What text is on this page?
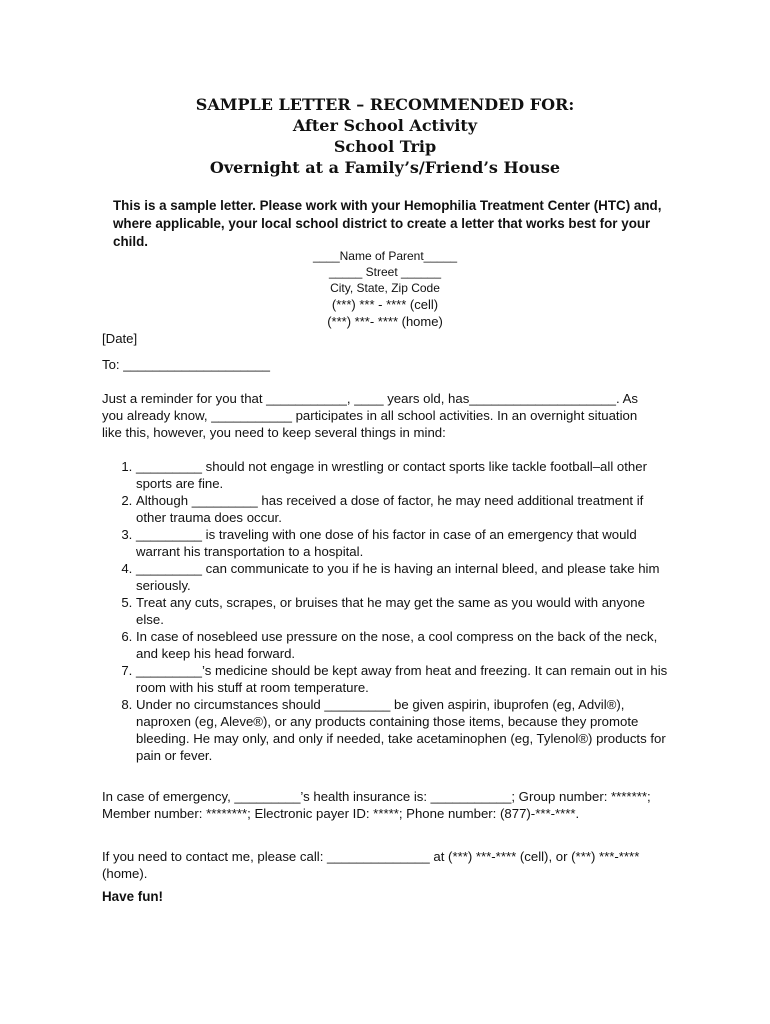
SAMPLE LETTER – RECOMMENDED FOR:
After School Activity
School Trip
Overnight at a Family’s/Friend’s House
This is a sample letter. Please work with your Hemophilia Treatment Center (HTC) and, where applicable, your local school district to create a letter that works best for your child.
____Name of Parent_____
_____ Street ______
City, State, Zip Code
(***) *** - **** (cell)
(***) ***- **** (home)
[Date]
To: ____________________
Just a reminder for you that ___________, ____ years old, has____________________. As you already know, ___________ participates in all school activities. In an overnight situation like this, however, you need to keep several things in mind:
1. _________ should not engage in wrestling or contact sports like tackle football–all other sports are fine.
2. Although _________ has received a dose of factor, he may need additional treatment if other trauma does occur.
3. _________ is traveling with one dose of his factor in case of an emergency that would warrant his transportation to a hospital.
4. _________ can communicate to you if he is having an internal bleed, and please take him seriously.
5. Treat any cuts, scrapes, or bruises that he may get the same as you would with anyone else.
6. In case of nosebleed use pressure on the nose, a cool compress on the back of the neck, and keep his head forward.
7. _________’s medicine should be kept away from heat and freezing. It can remain out in his room with his stuff at room temperature.
8. Under no circumstances should _________ be given aspirin, ibuprofen (eg, Advil®), naproxen (eg, Aleve®), or any products containing those items, because they promote bleeding. He may only, and only if needed, take acetaminophen (eg, Tylenol®) products for pain or fever.
In case of emergency, _________’s health insurance is: ___________; Group number: *******; Member number: ********; Electronic payer ID: *****; Phone number: (877)-***-****.
If you need to contact me, please call: ______________ at (***) ***-**** (cell), or (***) ***-**** (home).
Have fun!
